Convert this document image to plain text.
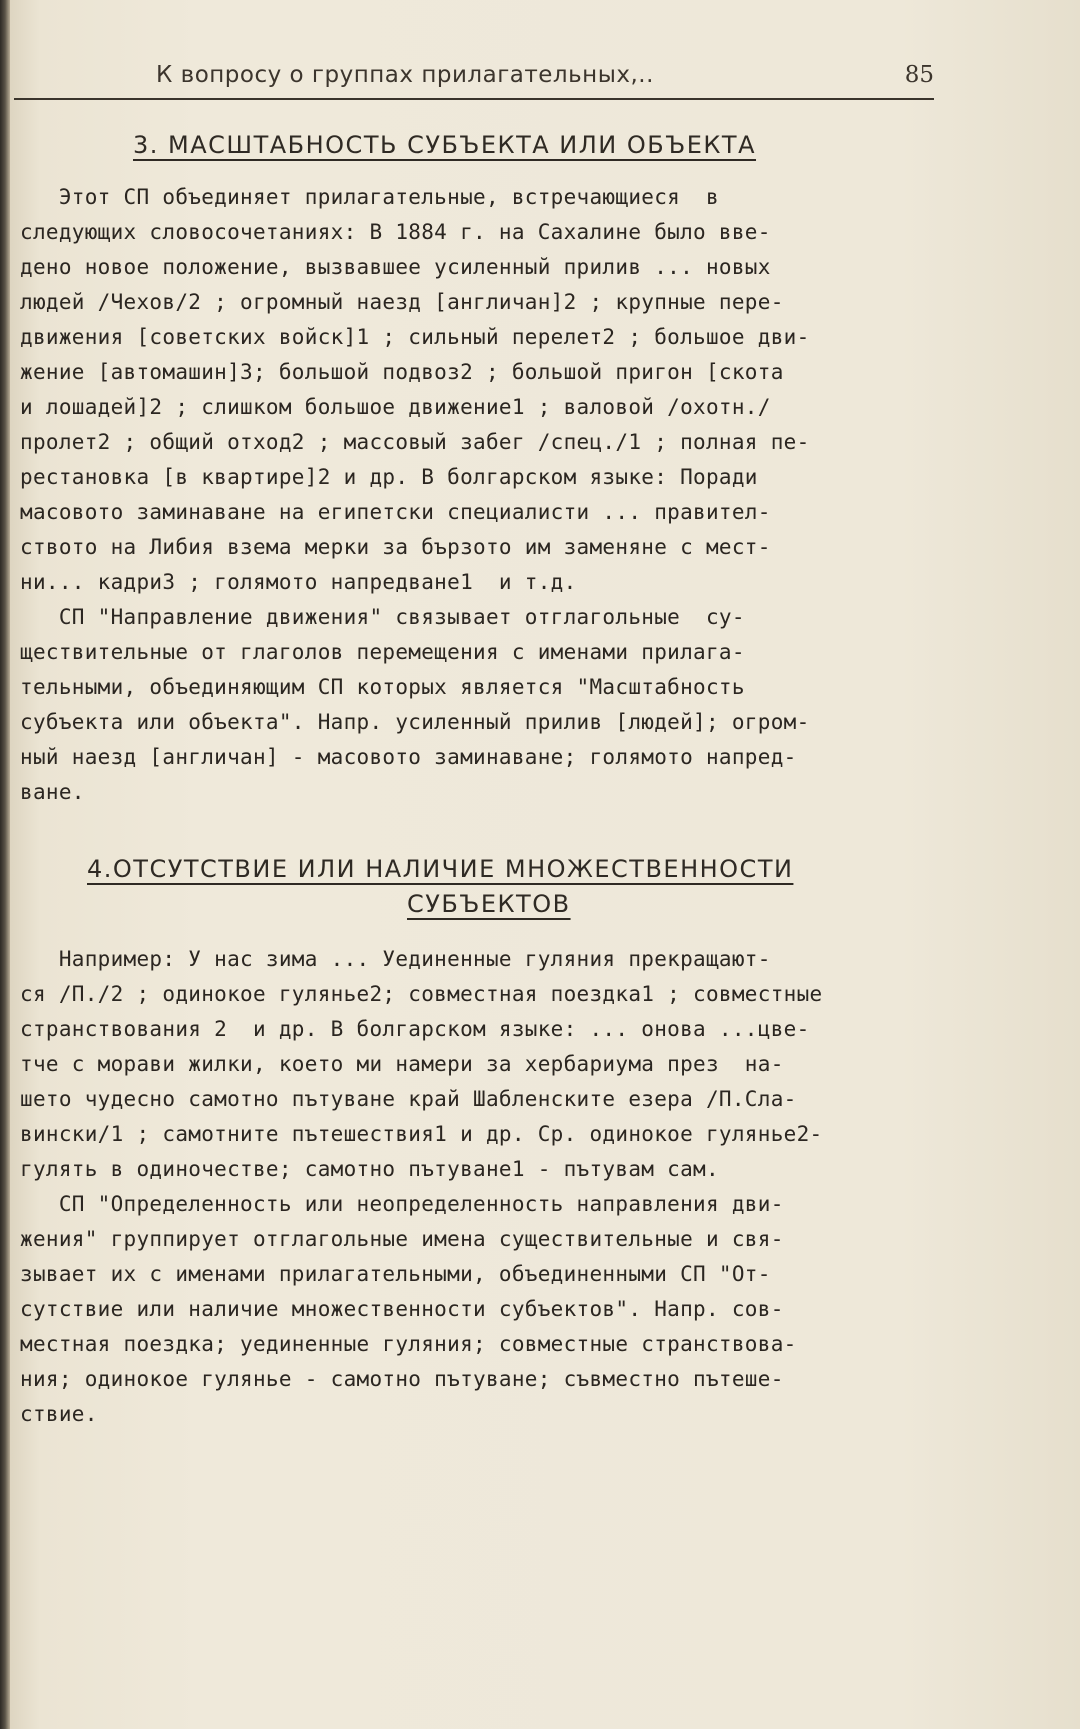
К вопросу о группах прилагательных,..	85
3. МАСШТАБНОСТЬ СУБЪЕКТА ИЛИ ОБЪЕКТА
Этот СП объединяет прилагательные, встречающиеся  в
следующих словосочетаниях: В 1884 г. на Сахалине было вве-
дено новое положение, вызвавшее усиленный прилив ... новых
людей /Чехов/2 ; огромный наезд [англичан]2 ; крупные пере-
движения [советских войск]1 ; сильный перелет2 ; большое дви-
жение [автомашин]3; большой подвоз2 ; большой пригон [скота
и лошадей]2 ; слишком большое движение1 ; валовой /охотн./
пролет2 ; общий отход2 ; массовый забег /спец./1 ; полная пе-
рестановка [в квартире]2 и др. В болгарском языке: Поради
масовото заминаване на египетски специалисти ... правител-
ството на Либия взема мерки за бързото им заменяне с мест-
ни... кадри3 ; голямото напредване1  и т.д.
СП "Направление движения" связывает отглагольные  су-
ществительные от глаголов перемещения с именами прилага-
тельными, объединяющим СП которых является "Масштабность
субъекта или объекта". Напр. усиленный прилив [людей]; огром-
ный наезд [англичан] - масовото заминаване; голямото напред-
ване.
4.ОТСУТСТВИЕ ИЛИ НАЛИЧИЕ МНОЖЕСТВЕННОСТИ
СУБЪЕКТОВ
Например: У нас зима ... Уединенные гуляния прекращают-
ся /П./2 ; одинокое гулянье2; совместная поездка1 ; совместные
странствования 2  и др. В болгарском языке: ... онова ...цве-
тче с морави жилки, което ми намери за хербариума през  на-
шето чудесно самотно пътуване край Шабленските езера /П.Сла-
вински/1 ; самотните пътешествия1 и др. Ср. одинокое гулянье2-
гулять в одиночестве; самотно пътуване1 - пътувам сам.
СП "Определенность или неопределенность направления дви-
жения" группирует отглагольные имена существительные и свя-
зывает их с именами прилагательными, объединенными СП "От-
сутствие или наличие множественности субъектов". Напр. сов-
местная поездка; уединенные гуляния; совместные странствова-
ния; одинокое гулянье - самотно пътуване; съвместно пътеше-
ствие.
